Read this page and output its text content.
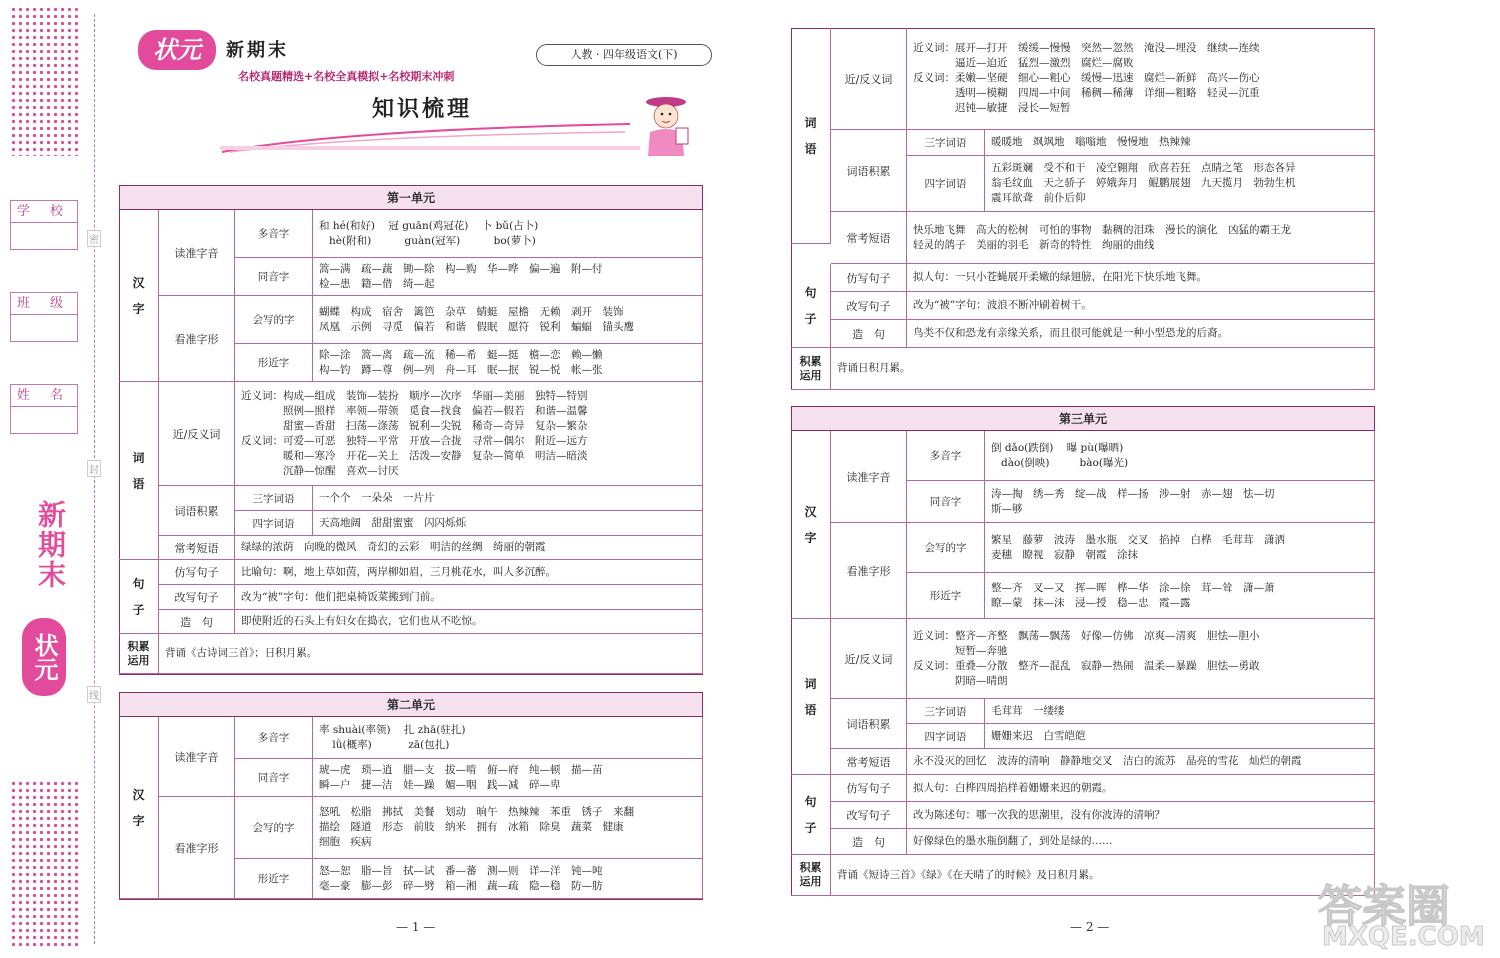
学 校
班 级
姓 名
新期末
状元
密
封
线
状元	新期末
名校真题精选+名校全真模拟+名校期末冲刺
人教 · 四年级语文(下)
知识梳理
第一单元
汉
字
读准字音
多音字
和 hé(和好)    冠 guān(鸡冠花)    卜 bǔ(占卜)
hè(附和)          guàn(冠军)          bo(萝卜)
同音字
篙—满　疏—蔬　锄—除　构—购　华—哗　偏—遍　附—付
检—患　籍—借　绮—起
看准字形
会写的字
蝴蝶　构成　宿舍　篱笆　杂草　蜻蜓　屋檐　无赖　剥开　装饰
凤凰　示例　寻觅　偏若　和谐　假眠　愿符　锐利　蝙蝠　锚头鹰
形近字
除—涂　篙—离　疏—流　稀—希　蜓—挺　檐—恋　赖—懒
构—钓　蹲—尊　例—列　舟—耳　眠—抿　锐—悦　帐—张
词
语
近/反义词
近义词：构成—组成　装饰—装扮　顺序—次序　华丽—美丽　独特—特别
　　　　照例—照样　率领—带领　觅食—找食　偏若—假若　和谐—温馨
　　　　甜蜜—香甜　扫荡—涤荡　锐利—尖锐　稀奇—奇异　复杂—繁杂
反义词：可爱—可恶　独特—平常　开放—合拢　寻常—偶尔　附近—远方
　　　　暖和—寒冷　开花—关上　活泼—安静　复杂—简单　明洁—暗淡
　　　　沉静—惊醒　喜欢—讨厌
词语积累
三字词语	一个个　一朵朵　一片片
四字词语	天高地阔　甜甜蜜蜜　闪闪烁烁
常考短语	绿绿的浓荫　向晚的微风　奇幻的云彩　明洁的丝绸　绮丽的朝霞
句
子
仿写句子	比喻句：啊，地上草如茵，两岸柳如眉，三月桃花水，叫人多沉醉。
改写句子	改为“被”字句：他们把桌椅饭菜搬到门前。
造　句	即使附近的石头上有妇女在捣衣，它们也从不吃惊。
积累
运用
背诵《古诗词三首》；日积月累。
第二单元
汉
字
读准字音
多音字
率 shuài(率领)    扎 zhā(驻扎)
lǜ(概率)           zā(包扎)
同音字
琥—虎　琐—逍　腊—支　拔—啃　俯—府　纯—顿　描—苗
瞬—户　捷—洁　娃—躁　媚—咽　践—减　碎—卑
看准字形
会写的字
怒吼　松脂　拂拭　美餐　划动　晌午　热辣辣　苯重　锈子　来翻
描绘　隧道　形态　前肢　纳米　拥有　冰箱　除臭　蔬菜　健康
细胞　疾病
形近字
怒—恕　脂—旨　拭—试　番—蕃　测—则　详—洋　钝—吨
毫—豪　膨—彭　碎—劈　箱—湘　蔬—疏　隐—稳　防—肪
词
语
近/反义词
近义词：展开—打开　缓缓—慢慢　突然—忽然　淹没—埋没　继续—连续
　　　　逼近—迫近　猛烈—激烈　腐烂—腐败
反义词：柔嫩—坚硬　细心—粗心　缓慢—迅速　腐烂—新鲜　高兴—伤心
　　　　透明—模糊　四周—中间　稀稠—稀薄　详细—粗略　轻灵—沉重
　　　　迟钝—敏捷　浸长—短暂
词语积累
三字词语	暖暖地　飒飒地　嗡嗡地　慢慢地　热辣辣
四字词语
五彩斑斓　受不和干　凌空翱翔　欣喜若狂　点睛之笔　形态各异
翁毛纹血　天之骄子　婷娥奔月　鲲鹏展翅　九天揽月　勃勃生机
震耳欲聋　前仆后仰
常考短语
快乐地飞舞　高大的松树　可怕的事物　黏稠的泪珠　漫长的演化　凶猛的霸王龙
轻灵的鸽子　美丽的羽毛　新奇的特性　绚丽的曲线
句
子
仿写句子	拟人句：一只小苍蝇展开柔嫩的绿翅膀，在阳光下快乐地飞舞。
改写句子	改为“被”字句：波浪不断冲刷着树干。
造　句	鸟类不仅和恐龙有亲缘关系，而且很可能就是一种小型恐龙的后裔。
积累
运用
背诵日积月累。
第三单元
汉
字
读准字音
多音字
倒 dǎo(跌倒)    曝 pù(曝晒)
dào(倒映)         bào(曝光)
同音字
涛—掏　绣—秀　绽—战　样—扬　涉—射　赤—翅　怯—切
斯—够
看准字形
会写的字
繁星　藤萝　波涛　墨水瓶　交叉　掐掉　白桦　毛茸茸　潇洒
麦穗　瞭视　寂静　朝霞　涂抹
形近字
整—齐　叉—又　挥—晖　桦—华　涂—徐　茸—耸　潇—萧
瞭—蒙　抹—沫　浸—授　稳—忠　霞—露
词
语
近/反义词
近义词：整齐—齐整　飘荡—飘荡　好像—仿佛　凉爽—清爽　胆怯—胆小
　　　　短暂—奔驰
反义词：重叠—分散　整齐—混乱　寂静—热闹　温柔—暴躁　胆怯—勇敢
　　　　阴暗—晴朗
词语积累
三字词语	毛茸茸　一缕缕
四字词语	姗姗来迟　白雪皑皑
常考短语	永不没灭的回忆　波涛的清响　静静地交叉　洁白的流苏　晶亮的雪花　灿烂的朝霞
句
子
仿写句子	拟人句：白桦四周掐样着姗姗来迟的朝霞。
改写句子	改为陈述句：哪一次我的思潮里，没有你波涛的清响？
造　句	好像绿色的墨水瓶倒翻了，到处是绿的……
积累
运用
背诵《短诗三首》《绿》《在天晴了的时候》及日积月累。
— 1 —	— 2 —	答案圈
MXQE.COM
